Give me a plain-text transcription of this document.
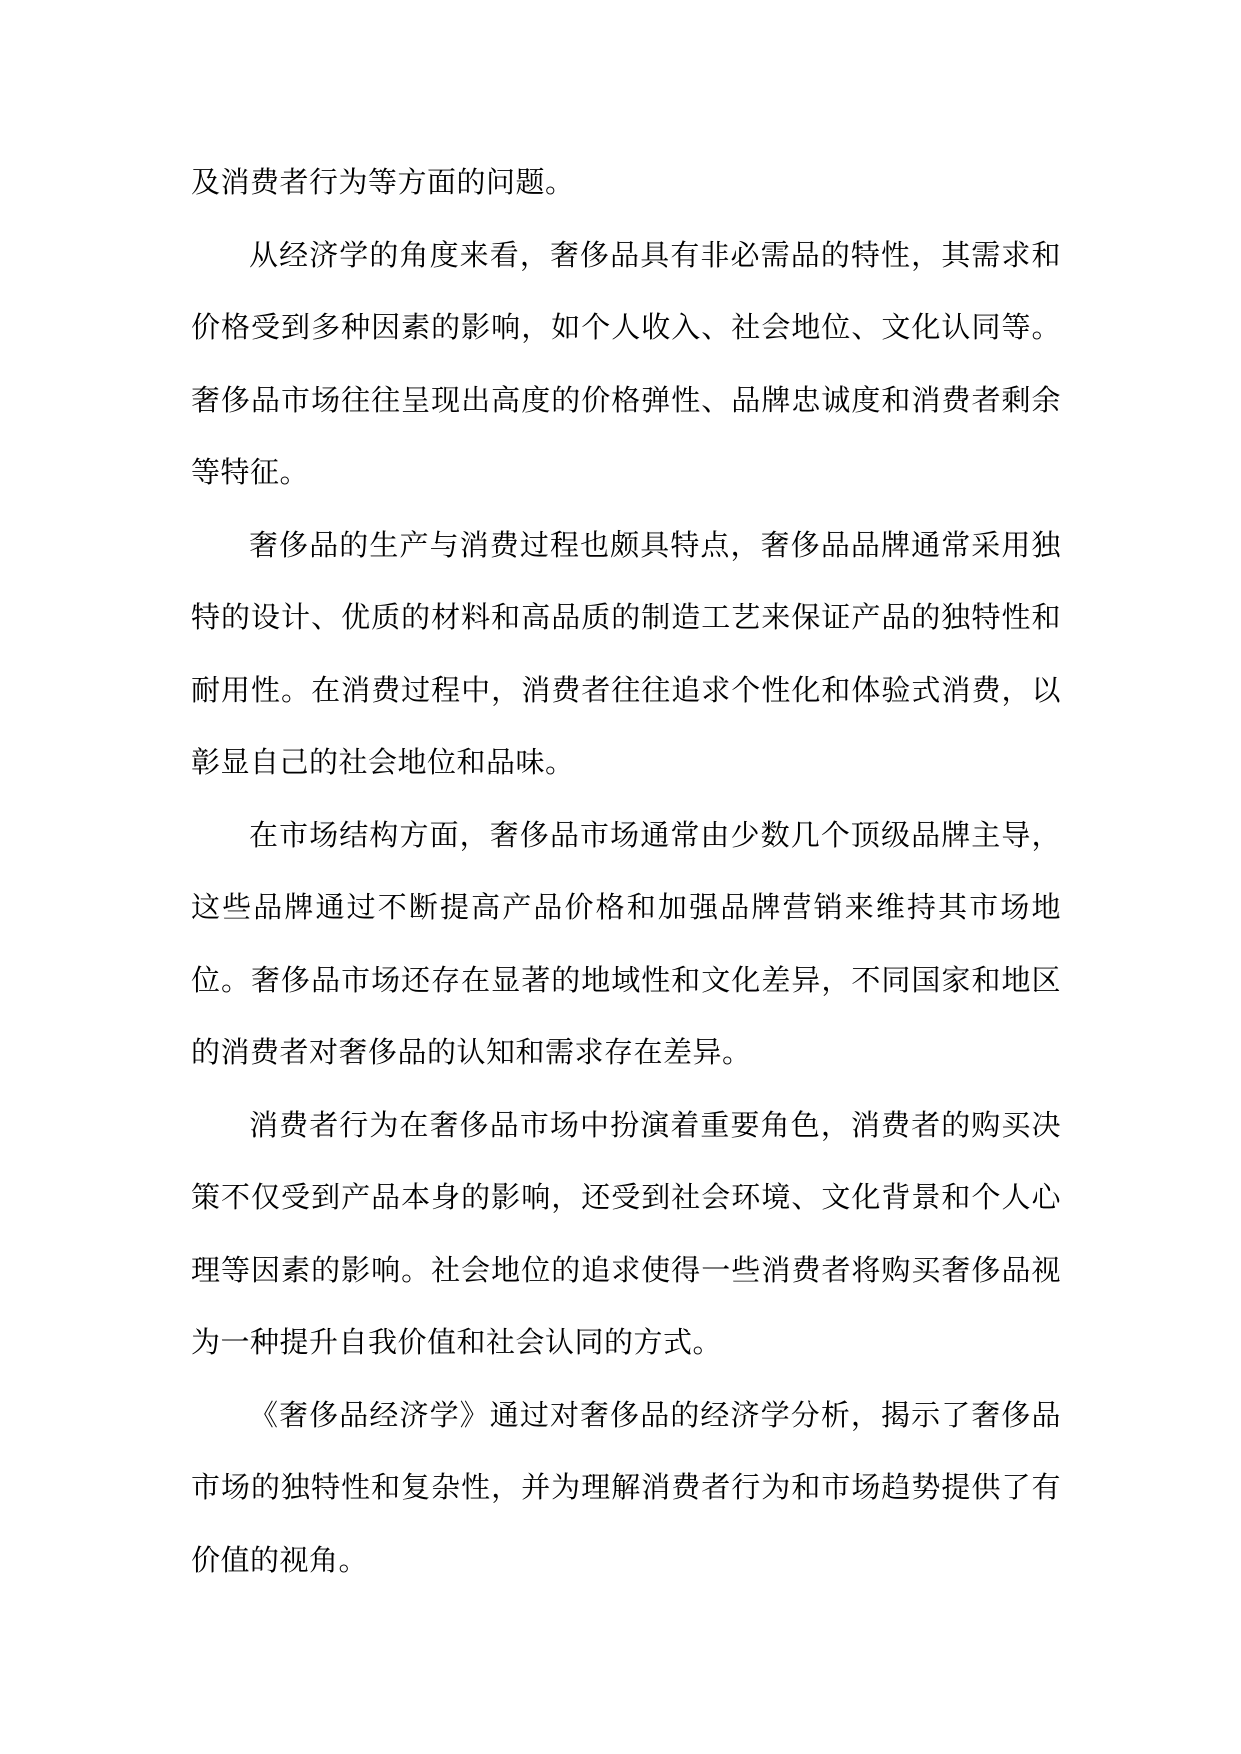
及消费者行为等方面的问题。

从经济学的角度来看，奢侈品具有非必需品的特性，其需求和价格受到多种因素的影响，如个人收入、社会地位、文化认同等。奢侈品市场往往呈现出高度的价格弹性、品牌忠诚度和消费者剩余等特征。

奢侈品的生产与消费过程也颇具特点，奢侈品品牌通常采用独特的设计、优质的材料和高品质的制造工艺来保证产品的独特性和耐用性。在消费过程中，消费者往往追求个性化和体验式消费，以彰显自己的社会地位和品味。

在市场结构方面，奢侈品市场通常由少数几个顶级品牌主导，这些品牌通过不断提高产品价格和加强品牌营销来维持其市场地位。奢侈品市场还存在显著的地域性和文化差异，不同国家和地区的消费者对奢侈品的认知和需求存在差异。

消费者行为在奢侈品市场中扮演着重要角色，消费者的购买决策不仅受到产品本身的影响，还受到社会环境、文化背景和个人心理等因素的影响。社会地位的追求使得一些消费者将购买奢侈品视为一种提升自我价值和社会认同的方式。

《奢侈品经济学》通过对奢侈品的经济学分析，揭示了奢侈品市场的独特性和复杂性，并为理解消费者行为和市场趋势提供了有价值的视角。
